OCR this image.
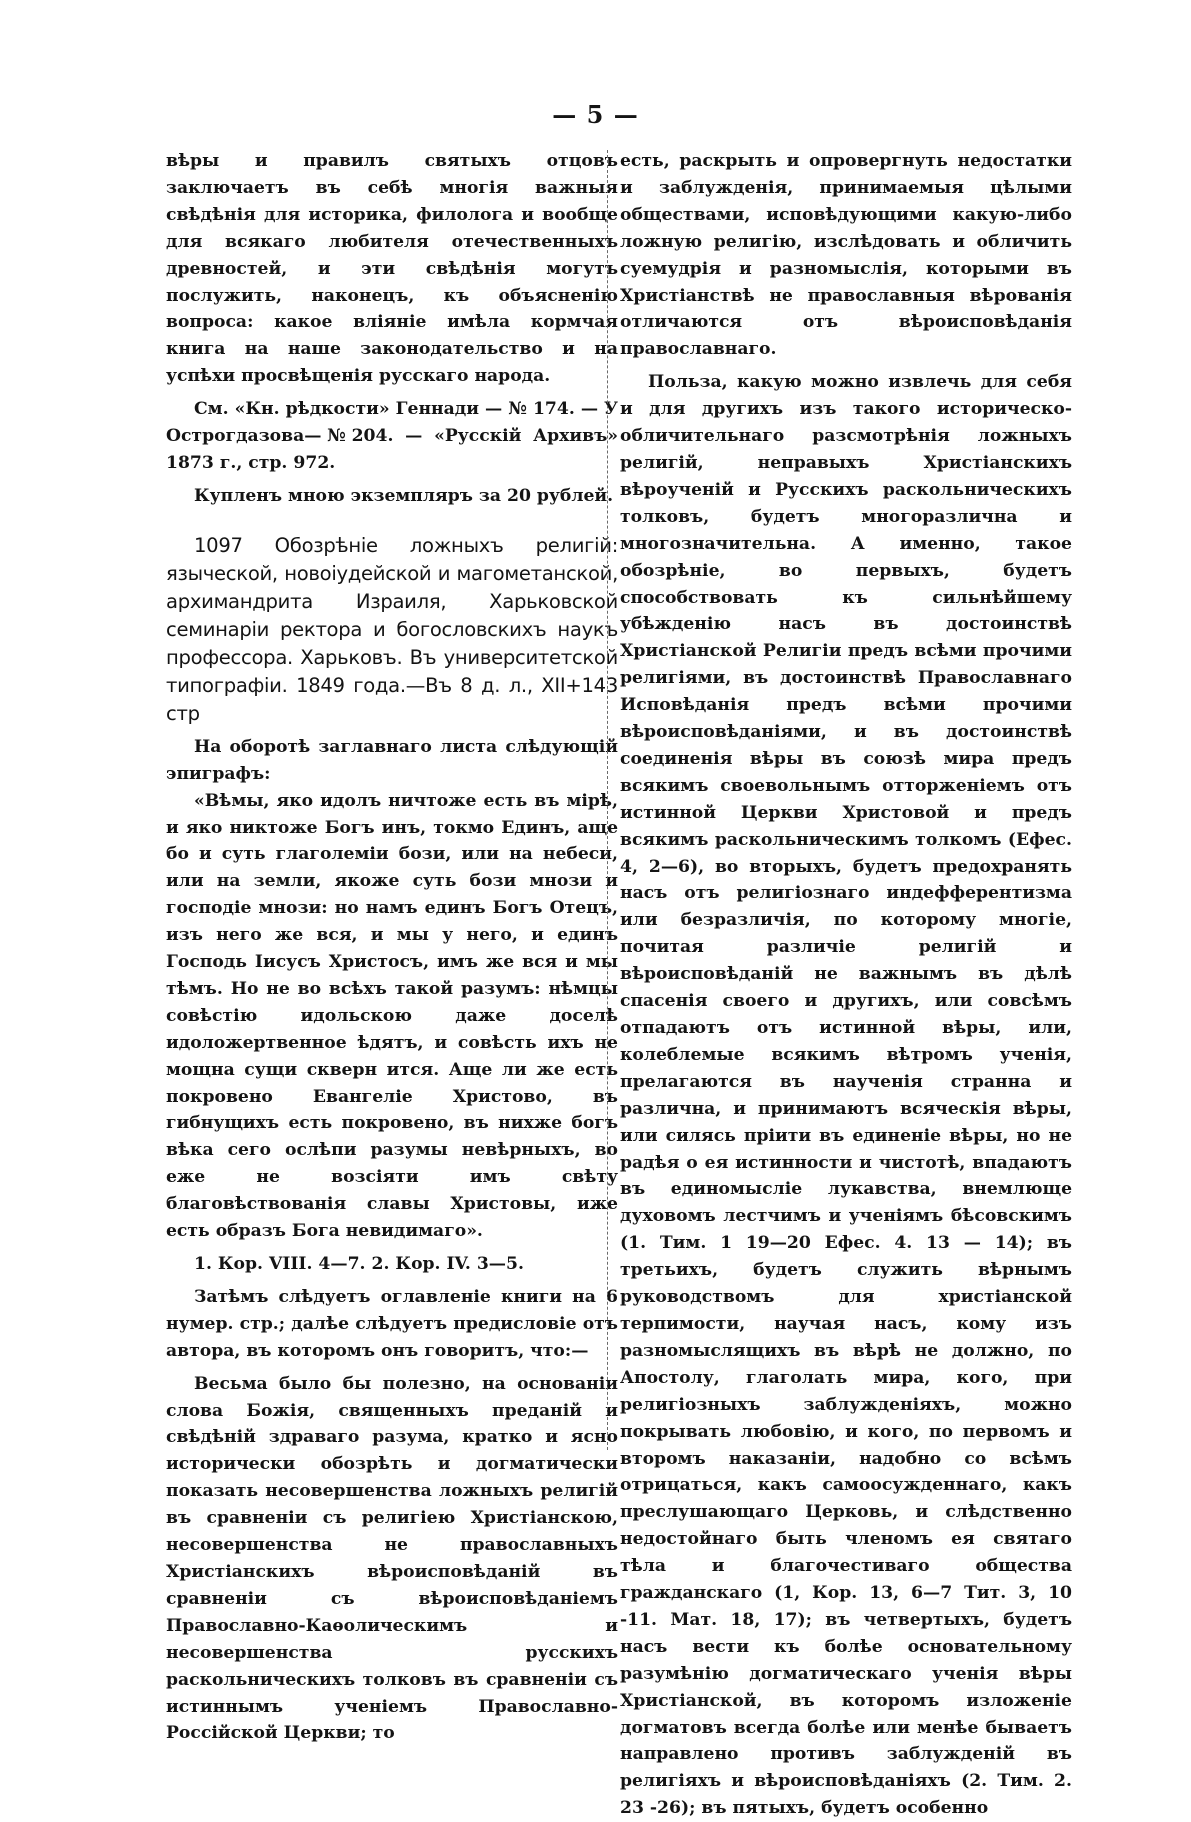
— 5 —

вѣры и правилъ святыхъ отцовъ заключаетъ въ себѣ многія важныя свѣдѣнія для историка, филолога и вообще для всякаго любителя отечественныхъ древностей, и эти свѣдѣнія могутъ послужить, наконецъ, къ объясненію вопроса: какое вліяніе имѣла кормчая книга на наше законодательство и на успѣхи просвѣщенія русскаго народа.

См. «Кн. рѣдкости» Геннади — № 174. — У Острогдазова—№204. — «Русскій Архивъ» 1873 г., стр. 972.

Купленъ мною экземпляръ за 20 рублей.

1097 Обозрѣніе ложныхъ религій: языческой, новоіудейской и магометанской, архимандрита Израиля, Харьковской семинаріи ректора и богословскихъ наукъ профессора. Харьковъ. Въ университетской типографіи. 1849 года.—Въ 8 д. л., XII+143 стр

На оборотѣ заглавнаго листа слѣдующій эпиграфъ:

«Вѣмы, яко идолъ ничтоже есть въ мірѣ, и яко никтоже Богъ инъ, токмо Единъ, аще бо и суть глаголеміи бози, или на небеси, или на земли, якоже суть бози мнози и господіе мнози: но намъ единъ Богъ Отецъ, изъ него же вся, и мы у него, и единъ Господь Іисусъ Христосъ, имъ же вся и мы тѣмъ. Но не во всѣхъ такой разумъ: нѣмцы совѣстію идольскою даже доселѣ идоложертвенное ѣдятъ, и совѣсть ихъ не мощна сущи скверн ится. Аще ли же есть покровено Евангеліе Христово, въ гибнущихъ есть покровено, въ нихже богъ вѣка сего ослѣпи разумы невѣрныхъ, во еже не возсіяти имъ свѣту благовѣствованія славы Христовы, иже есть образъ Бога невидимаго».

1. Кор. VIII. 4—7. 2. Кор. IV. 3—5.

Затѣмъ слѣдуетъ оглавленіе книги на 6 нумер. стр.; далѣе слѣдуетъ предисловіе отъ автора, въ которомъ онъ говоритъ, что:—

Весьма было бы полезно, на основаніи слова Божія, священныхъ преданій и свѣдѣній здраваго разума, кратко и ясно исторически обозрѣть и догматически показать несовершенства ложныхъ религій въ сравненіи съ религіею Христіанскою, несовершенства не православныхъ Христіанскихъ вѣроисповѣданій въ сравненіи съ вѣроисповѣданіемъ Православно-Каѳолическимъ и несовершенства русскихъ раскольническихъ толковъ въ сравненіи съ истиннымъ ученіемъ Православно-Россійской Церкви; то

есть, раскрыть и опровергнуть недостатки и заблужденія, принимаемыя цѣлыми обществами, исповѣдующими какую-либо ложную религію, изслѣдовать и обличить суемудрія и разномыслія, которыми въ Христіанствѣ не православныя вѣрованія отличаются отъ вѣроисповѣданія православнаго.

Польза, какую можно извлечь для себя и для другихъ изъ такого историческо-обличительнаго разсмотрѣнія ложныхъ религій, неправыхъ Христіанскихъ вѣроученій и Русскихъ раскольническихъ толковъ, будетъ многоразлична и многозначительна. А именно, такое обозрѣніе, во первыхъ, будетъ способствовать къ сильнѣйшему убѣжденію насъ въ достоинствѣ Христіанской Религіи предъ всѣми прочими религіями, въ достоинствѣ Православнаго Исповѣданія предъ всѣми прочими вѣроисповѣданіями, и въ достоинствѣ соединенія вѣры въ союзѣ мира предъ всякимъ своевольнымъ отторженіемъ отъ истинной Церкви Христовой и предъ всякимъ раскольническимъ толкомъ (Ефес. 4, 2—6), во вторыхъ, будетъ предохранять насъ отъ религіознаго индефферентизма или безразличія, по которому многіе, почитая различіе религій и вѣроисповѣданій не важнымъ въ дѣлѣ спасенія своего и другихъ, или совсѣмъ отпадаютъ отъ истинной вѣры, или, колеблемые всякимъ вѣтромъ ученія, прелагаются въ наученія странна и различна, и принимаютъ всяческія вѣры, или силясь пріити въ единеніе вѣры, но не радѣя о ея истинности и чистотѣ, впадаютъ въ единомысліе лукавства, внемлюще духовомъ лестчимъ и ученіямъ бѣсовскимъ (1. Тим. 1 19—20 Ефес. 4. 13 — 14); въ третьихъ, будетъ служить вѣрнымъ руководствомъ для христіанской терпимости, научая насъ, кому изъ разномыслящихъ въ вѣрѣ не должно, по Апостолу, глаголать мира, кого, при религіозныхъ заблужденіяхъ, можно покрывать любовію, и кого, по первомъ и второмъ наказаніи, надобно со всѣмъ отрицаться, какъ самоосужденнаго, какъ преслушающаго Церковь, и слѣдственно недостойнаго быть членомъ ея святаго тѣла и благочестиваго общества гражданскаго (1, Кор. 13, 6—7 Тит. 3, 10 -11. Мат. 18, 17); въ четвертыхъ, будетъ насъ вести къ болѣе основательному разумѣнію догматическаго ученія вѣры Христіанской, въ которомъ изложеніе догматовъ всегда болѣе или менѣе бываетъ направлено противъ заблужденій въ религіяхъ и вѣроисповѣданіяхъ (2. Тим. 2. 23 -26); въ пятыхъ, будетъ особенно
